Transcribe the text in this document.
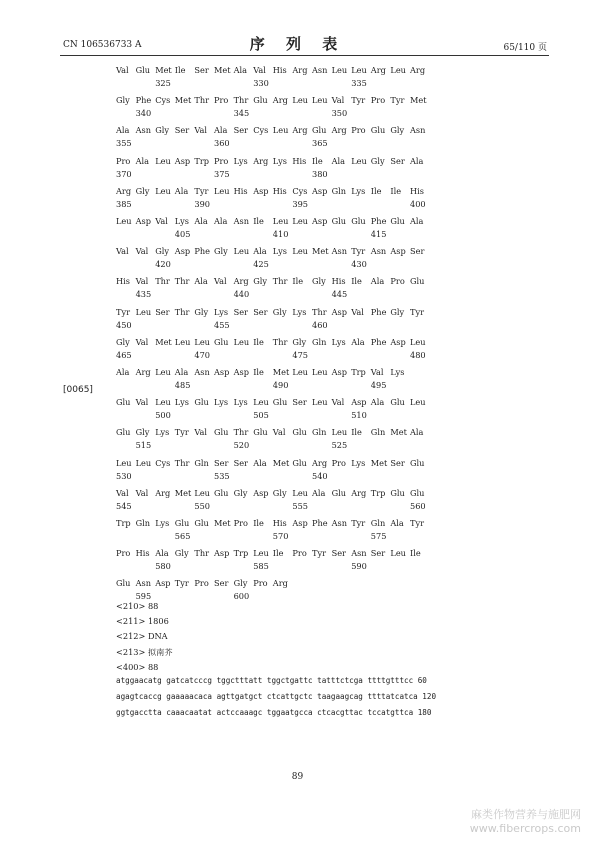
CN 106536733 A	序 列 表	65/110 页
[0065]
Val Glu Met Ile Ser Met Ala Val His Arg Asn Leu Leu Arg Leu Arg
325	330	335
Gly Phe Cys Met Thr Pro Thr Glu Arg Leu Leu Val Tyr Pro Tyr Met
340	345	350
Ala Asn Gly Ser Val Ala Ser Cys Leu Arg Glu Arg Pro Glu Gly Asn
355	360	365
Pro Ala Leu Asp Trp Pro Lys Arg Lys His Ile Ala Leu Gly Ser Ala
370	375	380
Arg Gly Leu Ala Tyr Leu His Asp His Cys Asp Gln Lys Ile Ile His
385	390	395	400
Leu Asp Val Lys Ala Ala Asn Ile Leu Leu Asp Glu Glu Phe Glu Ala
405	410	415
Val Val Gly Asp Phe Gly Leu Ala Lys Leu Met Asn Tyr Asn Asp Ser
420	425	430
His Val Thr Thr Ala Val Arg Gly Thr Ile Gly His Ile Ala Pro Glu
435	440	445
Tyr Leu Ser Thr Gly Lys Ser Ser Gly Lys Thr Asp Val Phe Gly Tyr
450	455	460
Gly Val Met Leu Leu Glu Leu Ile Thr Gly Gln Lys Ala Phe Asp Leu
465	470	475	480
Ala Arg Leu Ala Asn Asp Asp Ile Met Leu Leu Asp Trp Val Lys
485	490	495
Glu Val Leu Lys Glu Lys Lys Leu Glu Ser Leu Val Asp Ala Glu Leu
500	505	510
Glu Gly Lys Tyr Val Glu Thr Glu Val Glu Gln Leu Ile Gln Met Ala
515	520	525
Leu Leu Cys Thr Gln Ser Ser Ala Met Glu Arg Pro Lys Met Ser Glu
530	535	540
Val Val Arg Met Leu Glu Gly Asp Gly Leu Ala Glu Arg Trp Glu Glu
545	550	555	560
Trp Gln Lys Glu Glu Met Pro Ile His Asp Phe Asn Tyr Gln Ala Tyr
565	570	575
Pro His Ala Gly Thr Asp Trp Leu Ile Pro Tyr Ser Asn Ser Leu Ile
580	585	590
Glu Asn Asp Tyr Pro Ser Gly Pro Arg
595	600
<210> 88
<211> 1806
<212> DNA
<213> 拟南芥
<400> 88
atggaacatg gatcatcccg tggctttatt tggctgattc tatttctcga ttttgtttcc 60
agagtcaccg gaaaaacaca agttgatgct ctcattgctc taagaagcag ttttatcatca 120
ggtgacctta caaacaatat actccaaagc tggaatgcca ctcacgttac tccatgttca 180
89
麻类作物营养与施肥网
www.fibercrops.com
